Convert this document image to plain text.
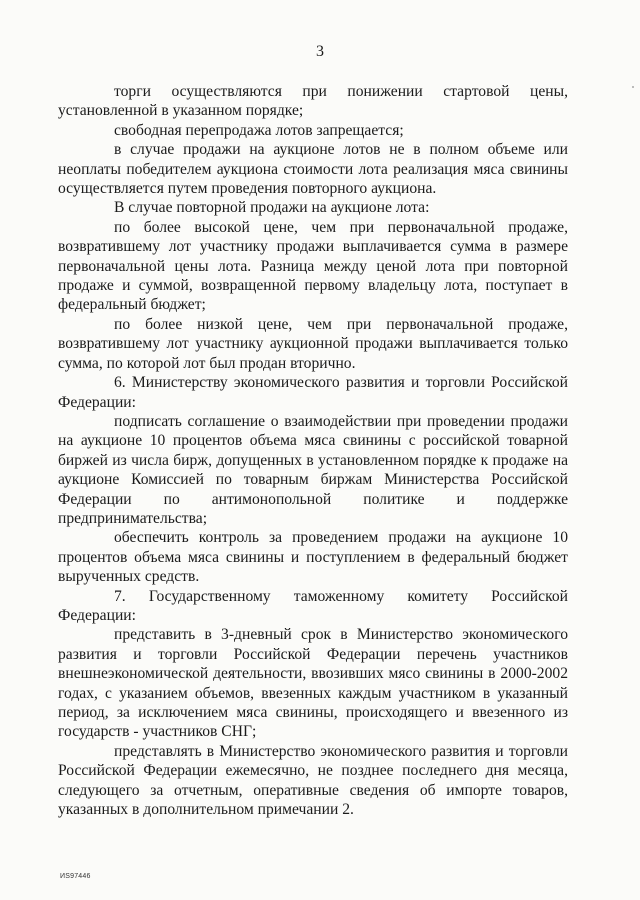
3

торги осуществляются при понижении стартовой цены, установленной в указанном порядке;

свободная перепродажа лотов запрещается;

в случае продажи на аукционе лотов не в полном объеме или неоплаты победителем аукциона стоимости лота реализация мяса свинины осуществляется путем проведения повторного аукциона.

В случае повторной продажи на аукционе лота:

по более высокой цене, чем при первоначальной продаже, возвратившему лот участнику продажи выплачивается сумма в размере первоначальной цены лота. Разница между ценой лота при повторной продаже и суммой, возвращенной первому владельцу лота, поступает в федеральный бюджет;

по более низкой цене, чем при первоначальной продаже, возвратившему лот участнику аукционной продажи выплачивается только сумма, по которой лот был продан вторично.

6. Министерству экономического развития и торговли Российской Федерации:

подписать соглашение о взаимодействии при проведении продажи на аукционе 10 процентов объема мяса свинины с российской товарной биржей из числа бирж, допущенных в установленном порядке к продаже на аукционе Комиссией по товарным биржам Министерства Российской Федерации по антимонопольной политике и поддержке предпринимательства;

обеспечить контроль за проведением продажи на аукционе 10 процентов объема мяса свинины и поступлением в федеральный бюджет вырученных средств.

7. Государственному таможенному комитету Российской Федерации:

представить в 3-дневный срок в Министерство экономического развития и торговли Российской Федерации перечень участников внешнеэкономической деятельности, ввозивших мясо свинины в 2000-2002 годах, с указанием объемов, ввезенных каждым участником в указанный период, за исключением мяса свинины, происходящего и ввезенного из государств - участников СНГ;

представлять в Министерство экономического развития и торговли Российской Федерации ежемесячно, не позднее последнего дня месяца, следующего за отчетным, оперативные сведения об импорте товаров, указанных в дополнительном примечании 2.

ИS97446
